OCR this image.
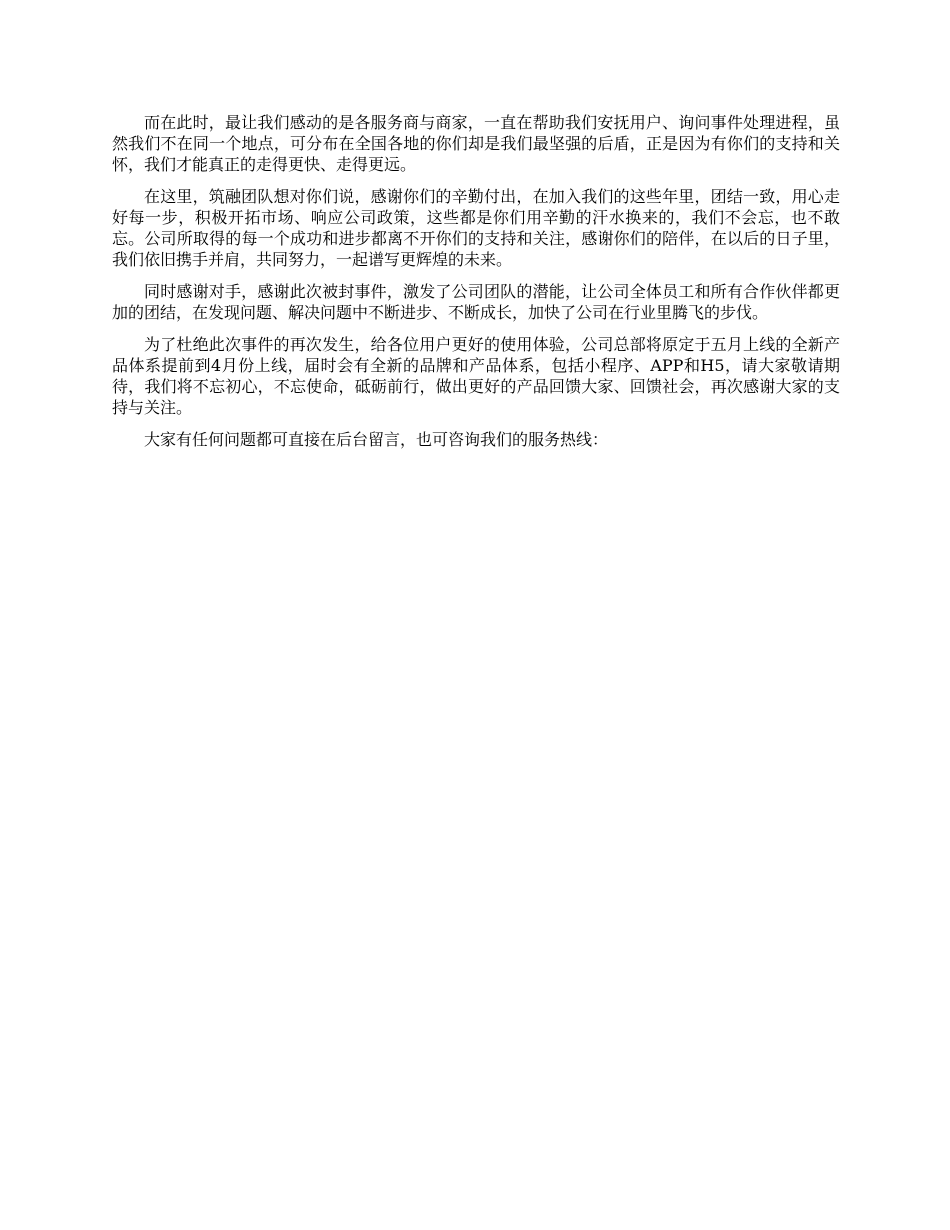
而在此时，最让我们感动的是各服务商与商家，一直在帮助我们安抚用户、询问事件处理进程，虽然我们不在同一个地点，可分布在全国各地的你们却是我们最坚强的后盾，正是因为有你们的支持和关怀，我们才能真正的走得更快、走得更远。

在这里，筑融团队想对你们说，感谢你们的辛勤付出，在加入我们的这些年里，团结一致，用心走好每一步，积极开拓市场、响应公司政策，这些都是你们用辛勤的汗水换来的，我们不会忘，也不敢忘。公司所取得的每一个成功和进步都离不开你们的支持和关注，感谢你们的陪伴，在以后的日子里，我们依旧携手并肩，共同努力，一起谱写更辉煌的未来。

同时感谢对手，感谢此次被封事件，激发了公司团队的潜能，让公司全体员工和所有合作伙伴都更加的团结，在发现问题、解决问题中不断进步、不断成长，加快了公司在行业里腾飞的步伐。

为了杜绝此次事件的再次发生，给各位用户更好的使用体验，公司总部将原定于五月上线的全新产品体系提前到4月份上线，届时会有全新的品牌和产品体系，包括小程序、APP和H5，请大家敬请期待，我们将不忘初心，不忘使命，砥砺前行，做出更好的产品回馈大家、回馈社会，再次感谢大家的支持与关注。

大家有任何问题都可直接在后台留言，也可咨询我们的服务热线：
